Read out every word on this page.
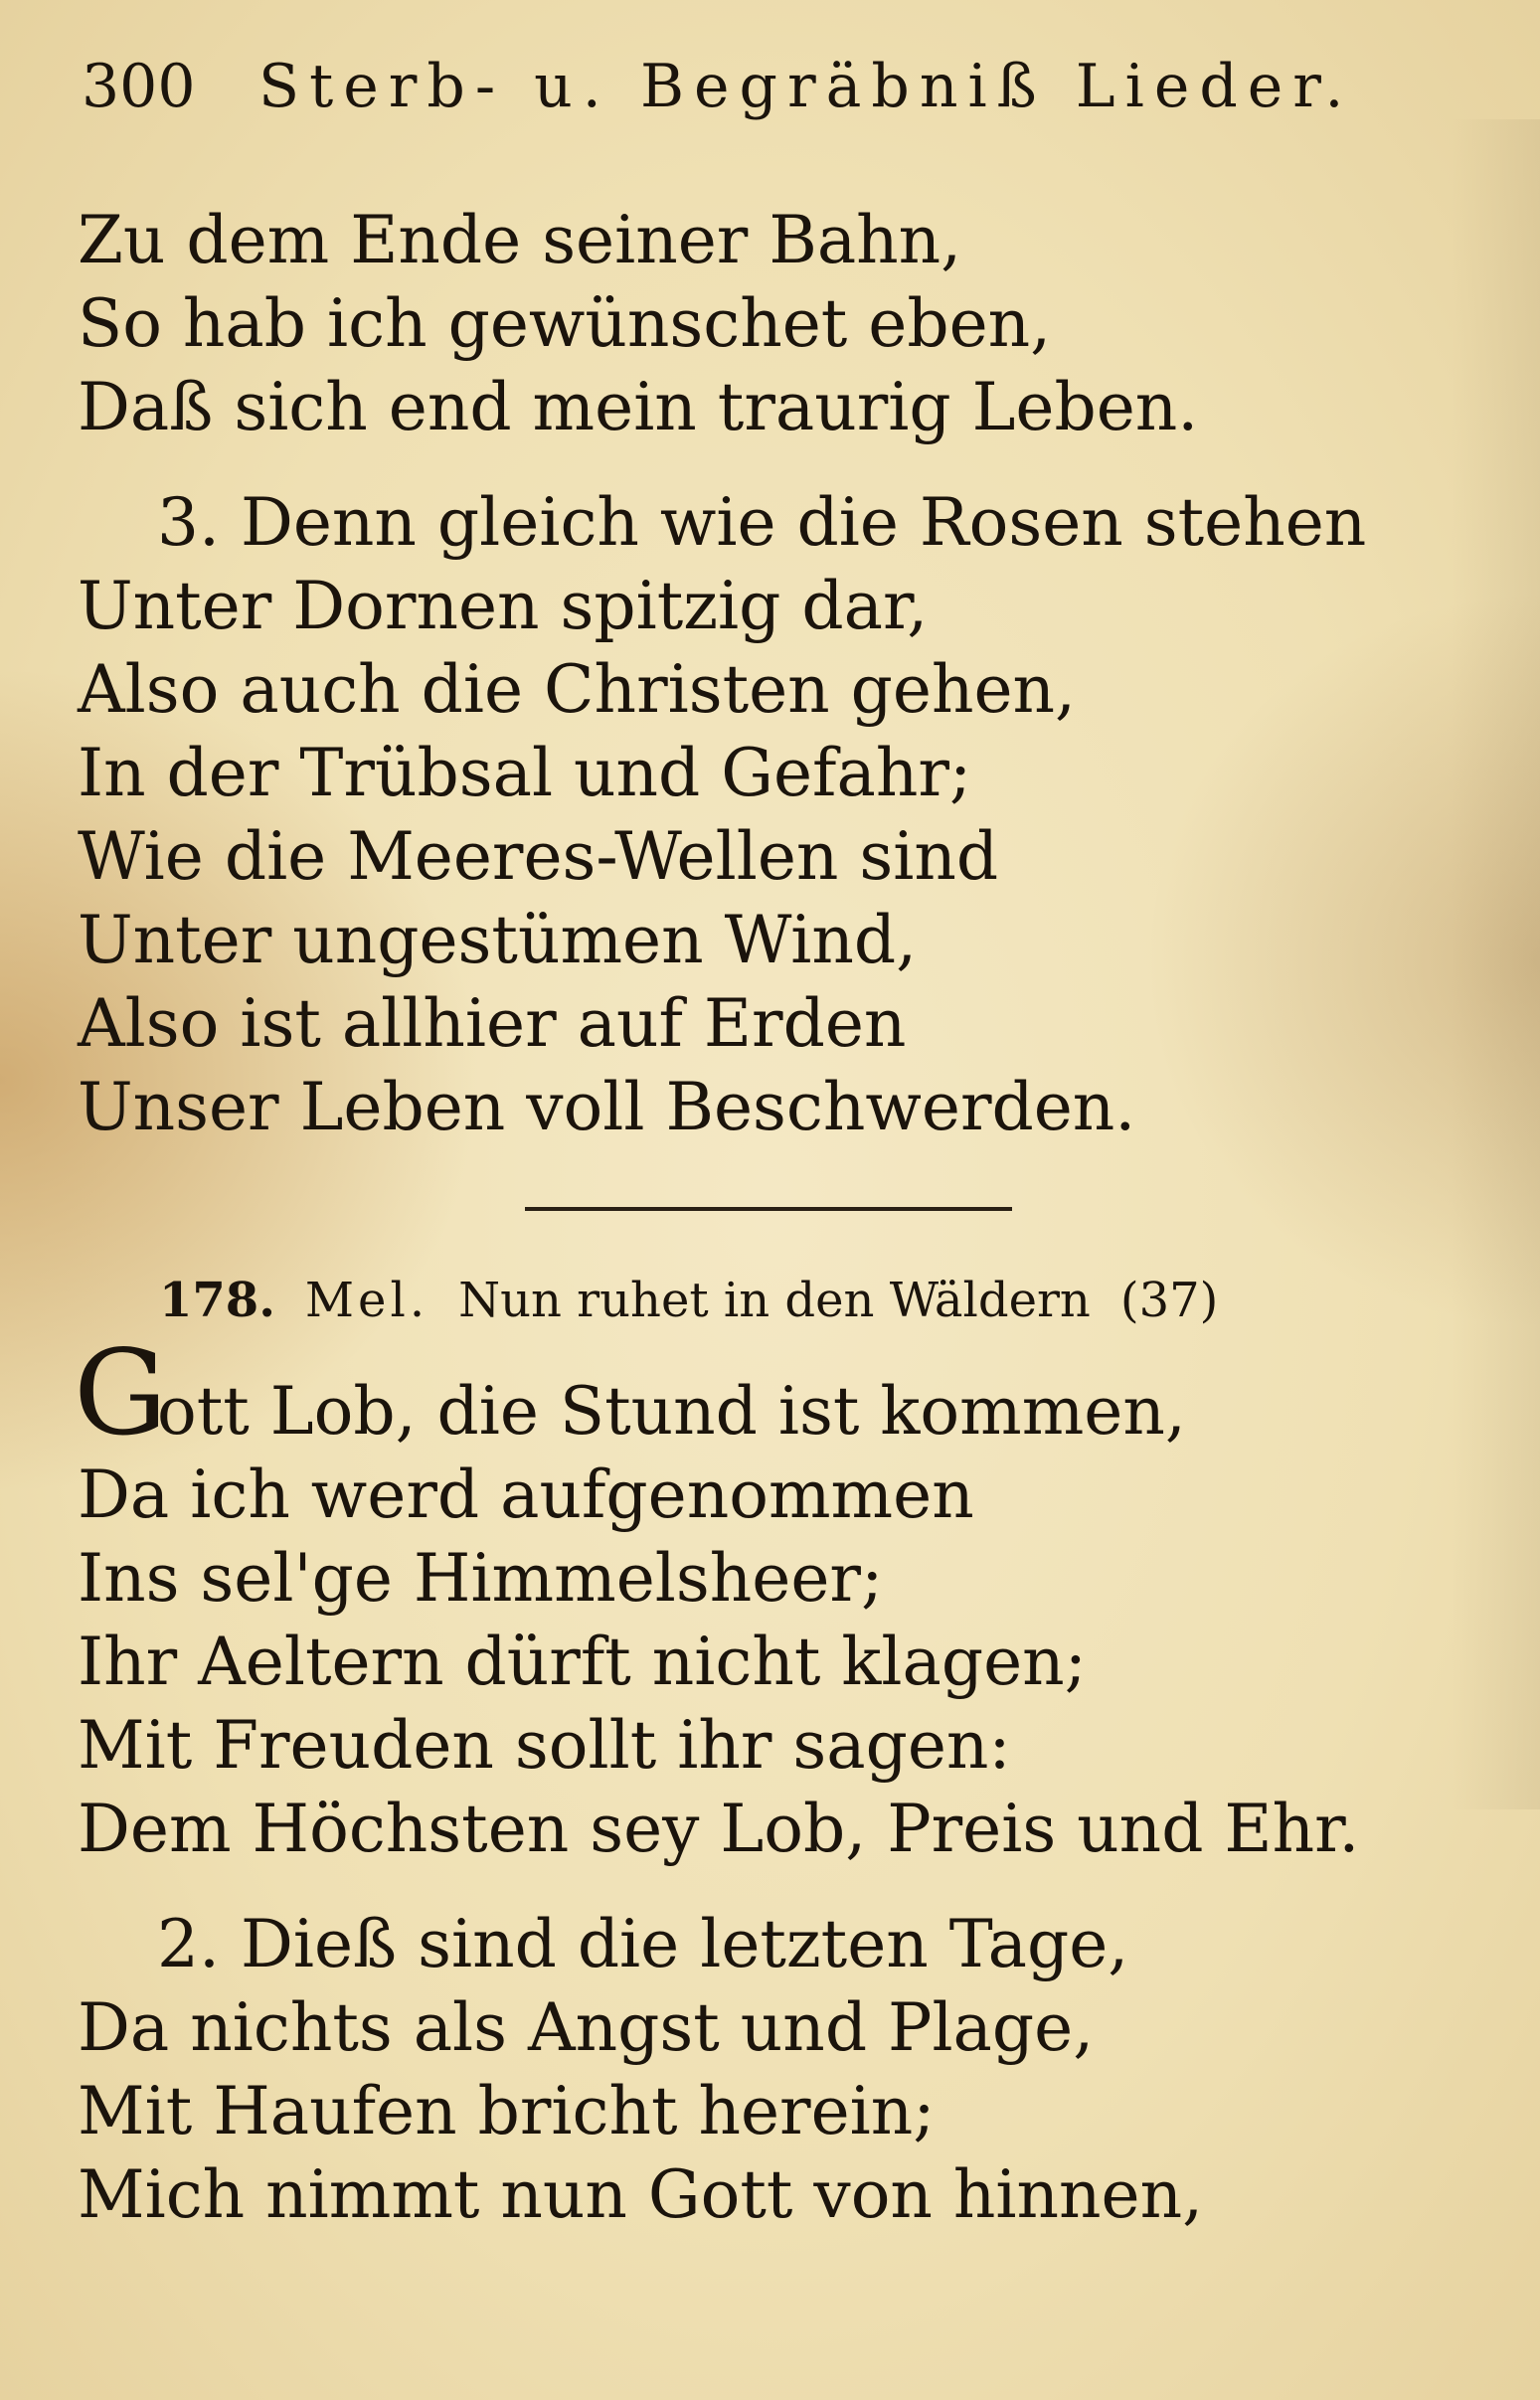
300 Sterb- u. Begräbniß Lieder.
Zu dem Ende seiner Bahn,
So hab ich gewünschet eben,
Daß sich end mein traurig Leben.
3. Denn gleich wie die Rosen stehen
Unter Dornen spitzig dar,
Also auch die Christen gehen,
In der Trübsal und Gefahr;
Wie die Meeres-Wellen sind
Unter ungestümen Wind,
Also ist allhier auf Erden
Unser Leben voll Beschwerden.
178. Mel. Nun ruhet in den Wäldern (37)
G
ott Lob, die Stund ist kommen,
Da ich werd aufgenommen
Ins sel'ge Himmelsheer;
Ihr Aeltern dürft nicht klagen;
Mit Freuden sollt ihr sagen:
Dem Höchsten sey Lob, Preis und Ehr.
2. Dieß sind die letzten Tage,
Da nichts als Angst und Plage,
Mit Haufen bricht herein;
Mich nimmt nun Gott von hinnen,
